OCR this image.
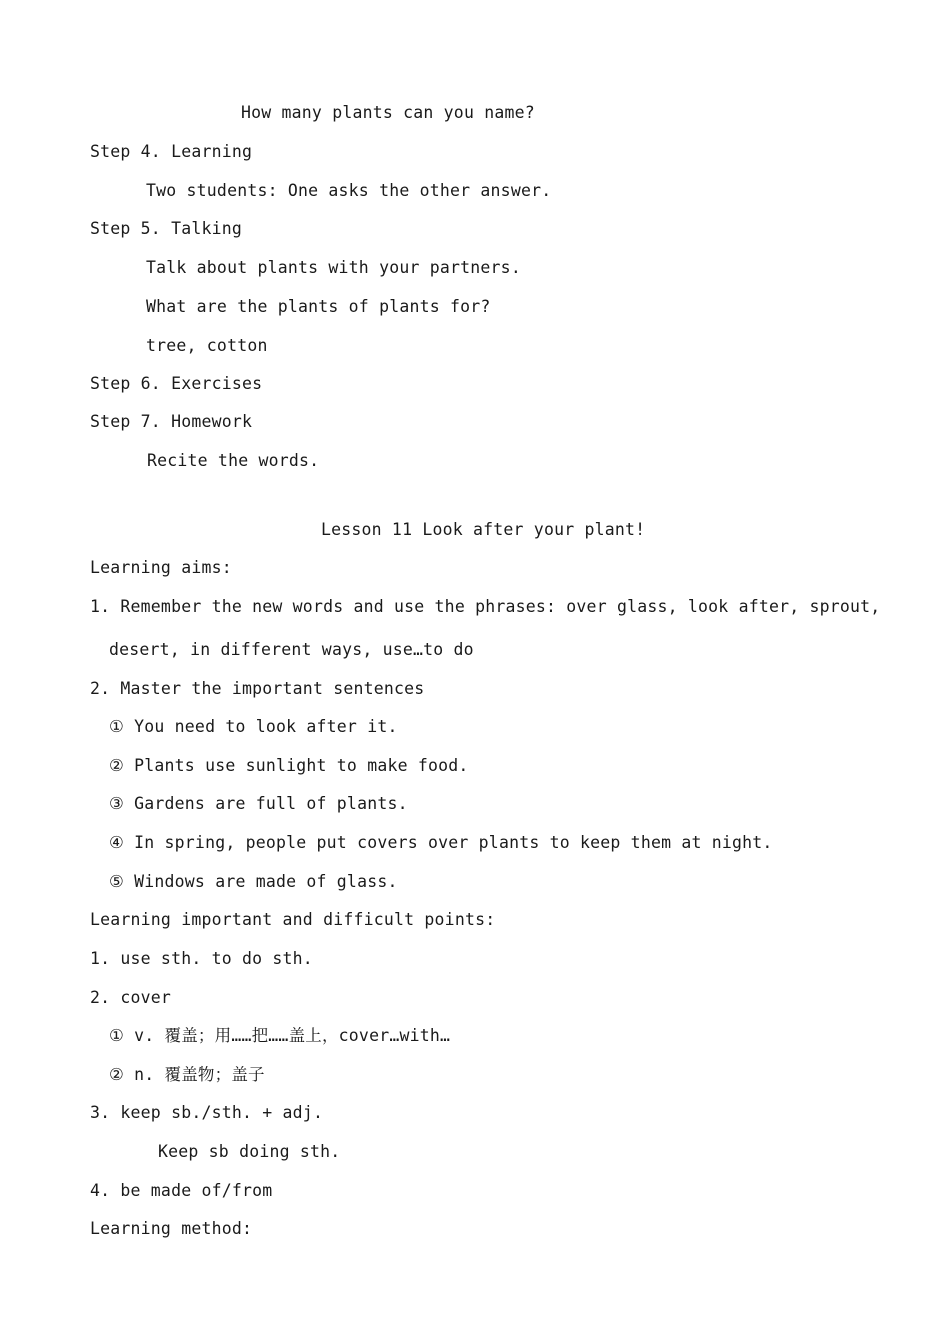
How many plants can you name?
Step 4. Learning
Two students: One asks the other answer.
Step 5. Talking
Talk about plants with your partners.
What are the plants of plants for?
tree, cotton
Step 6. Exercises
Step 7. Homework
Recite the words.
Lesson 11 Look after your plant!
Learning aims:
1. Remember the new words and use the phrases: over glass, look after, sprout,
desert, in different ways, use…to do
2. Master the important sentences
① You need to look after it.
② Plants use sunlight to make food.
③ Gardens are full of plants.
④ In spring, people put covers over plants to keep them at night.
⑤ Windows are made of glass.
Learning important and difficult points:
1. use sth. to do sth.
2. cover
① v. 覆盖；用……把……盖上，cover…with…
② n. 覆盖物；盖子
3. keep sb./sth. + adj.
Keep sb doing sth.
4. be made of/from
Learning method:
